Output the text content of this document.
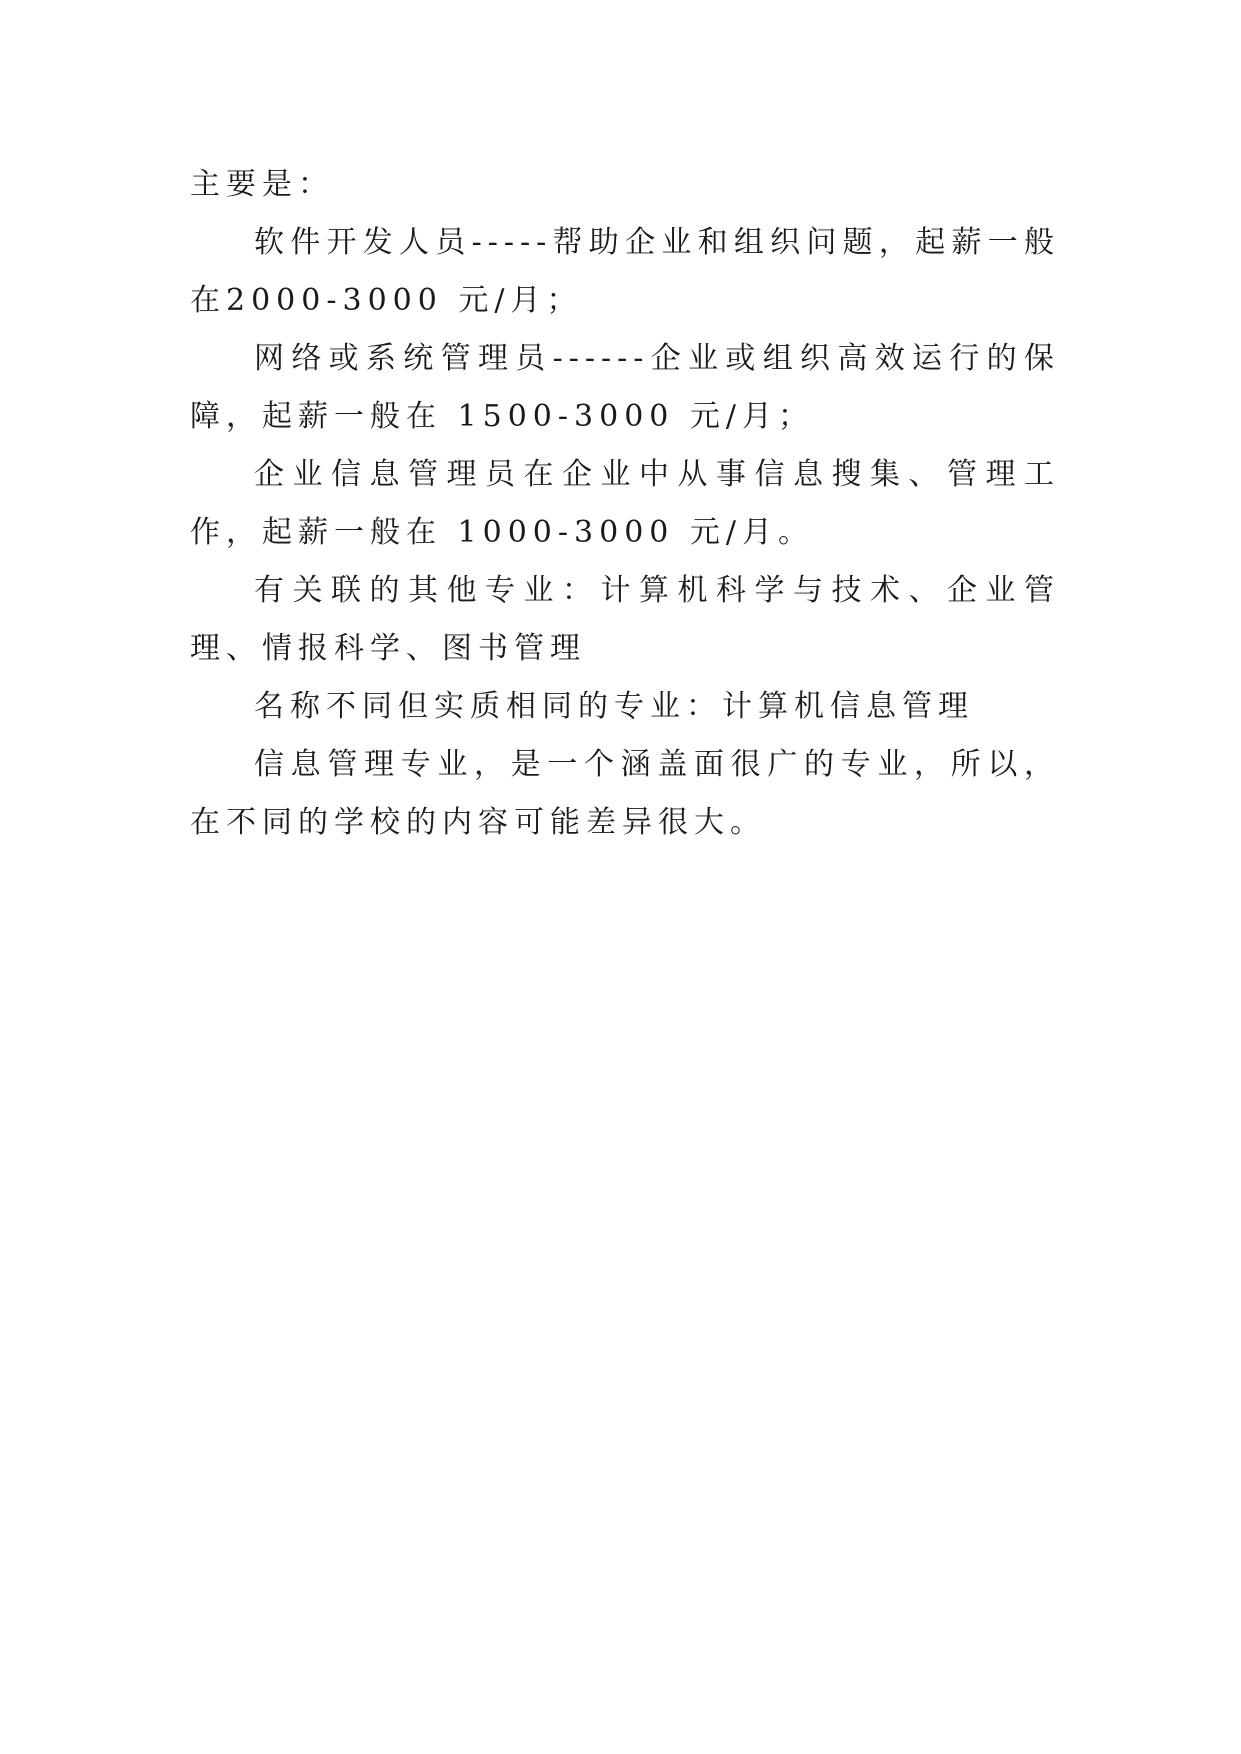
主要是：

软件开发人员-----帮助企业和组织问题，起薪一般在2000-3000 元/月；

网络或系统管理员------企业或组织高效运行的保障，起薪一般在 1500-3000 元/月；

企业信息管理员在企业中从事信息搜集、管理工作，起薪一般在 1000-3000 元/月。

有关联的其他专业：计算机科学与技术、企业管理、情报科学、图书管理

名称不同但实质相同的专业：计算机信息管理

信息管理专业，是一个涵盖面很广的专业，所以，在不同的学校的内容可能差异很大。
